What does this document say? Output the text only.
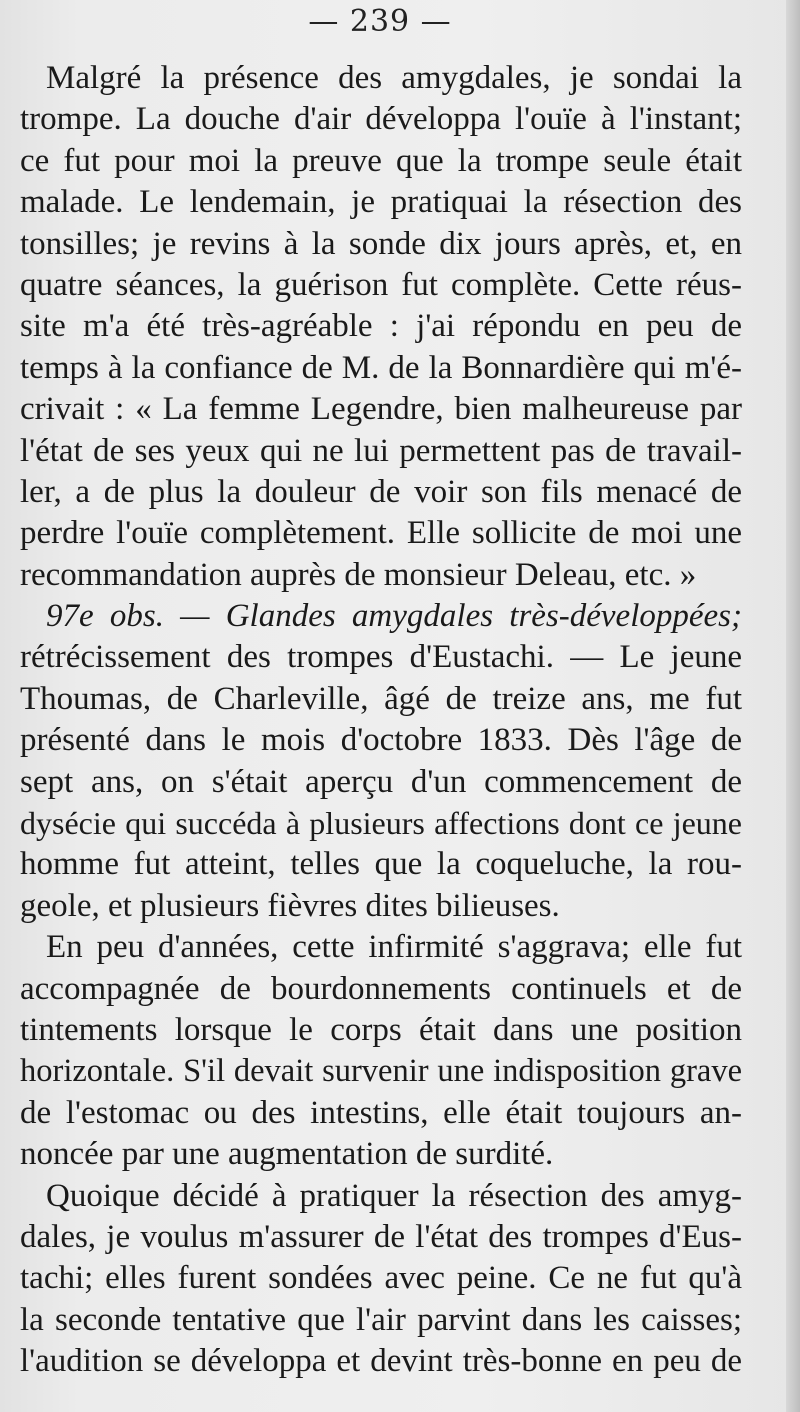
— 239 —
Malgré la présence des amygdales, je sondai la
trompe. La douche d'air développa l'ouïe à l'instant;
ce fut pour moi la preuve que la trompe seule était
malade. Le lendemain, je pratiquai la résection des
tonsilles; je revins à la sonde dix jours après, et, en
quatre séances, la guérison fut complète. Cette réus-
site m'a été très-agréable : j'ai répondu en peu de
temps à la confiance de M. de la Bonnardière qui m'é-
crivait : « La femme Legendre, bien malheureuse par
l'état de ses yeux qui ne lui permettent pas de travail-
ler, a de plus la douleur de voir son fils menacé de
perdre l'ouïe complètement. Elle sollicite de moi une
recommandation auprès de monsieur Deleau, etc. »
97e obs. — Glandes amygdales très-développées;
rétrécissement des trompes d'Eustachi. — Le jeune
Thoumas, de Charleville, âgé de treize ans, me fut
présenté dans le mois d'octobre 1833. Dès l'âge de
sept ans, on s'était aperçu d'un commencement de
dysécie qui succéda à plusieurs affections dont ce jeune
homme fut atteint, telles que la coqueluche, la rou-
geole, et plusieurs fièvres dites bilieuses.
En peu d'années, cette infirmité s'aggrava; elle fut
accompagnée de bourdonnements continuels et de
tintements lorsque le corps était dans une position
horizontale. S'il devait survenir une indisposition grave
de l'estomac ou des intestins, elle était toujours an-
noncée par une augmentation de surdité.
Quoique décidé à pratiquer la résection des amyg-
dales, je voulus m'assurer de l'état des trompes d'Eus-
tachi; elles furent sondées avec peine. Ce ne fut qu'à
la seconde tentative que l'air parvint dans les caisses;
l'audition se développa et devint très-bonne en peu de
